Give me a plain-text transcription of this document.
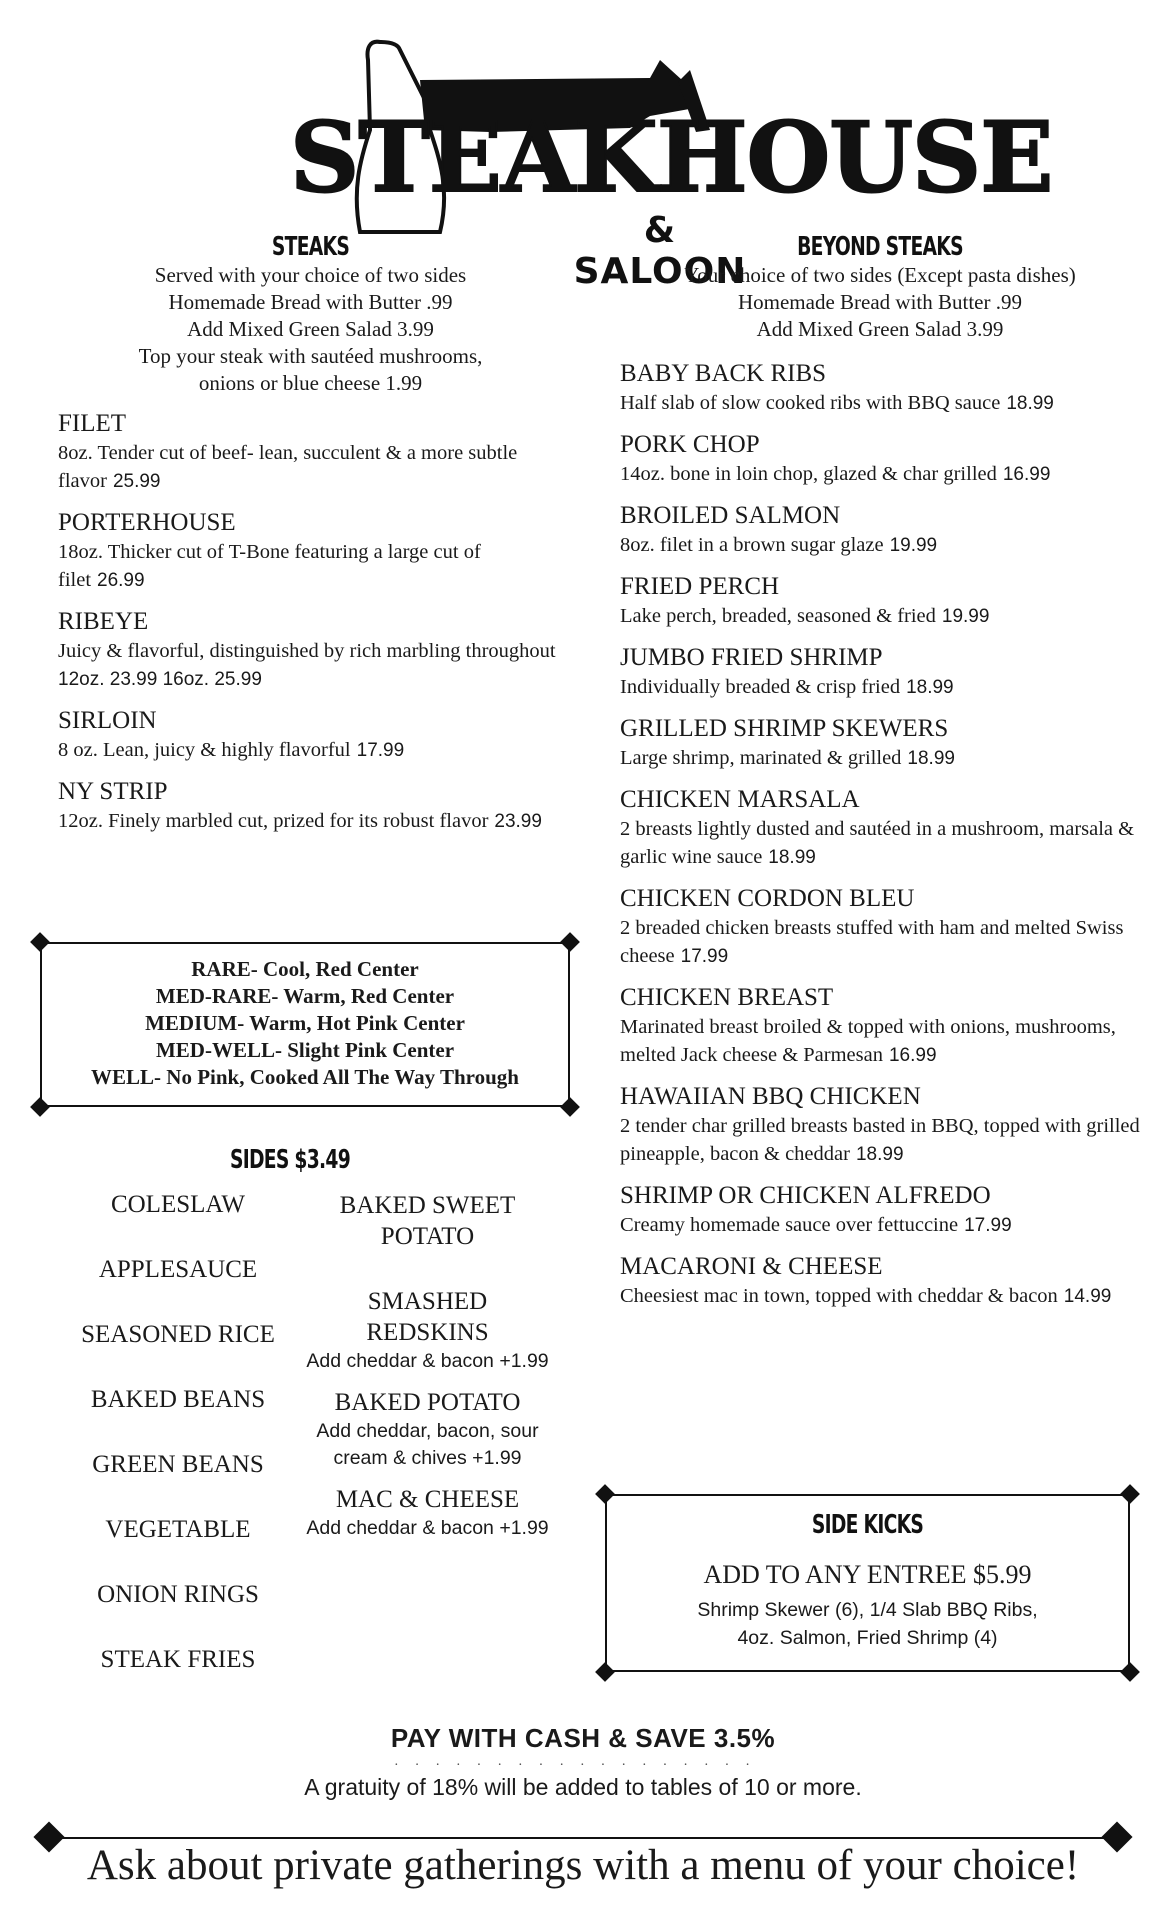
STEAKHOUSE
& SALOON
STEAKS
Served with your choice of two sides
Homemade Bread with Butter .99
Add Mixed Green Salad 3.99
Top your steak with sautéed mushrooms,
onions or blue cheese 1.99
FILET
8oz. Tender cut of beef- lean, succulent & a more subtle flavor 25.99
PORTERHOUSE
18oz. Thicker cut of T-Bone featuring a large cut of filet 26.99
RIBEYE
Juicy & flavorful, distinguished by rich marbling throughout
12oz. 23.99 16oz. 25.99
SIRLOIN
8 oz. Lean, juicy & highly flavorful 17.99
NY STRIP
12oz. Finely marbled cut, prized for its robust flavor 23.99
RARE- Cool, Red Center
MED-RARE- Warm, Red Center
MEDIUM- Warm, Hot Pink Center
MED-WELL- Slight Pink Center
WELL- No Pink, Cooked All The Way Through
SIDES $3.49
COLESLAW
APPLESAUCE
SEASONED RICE
BAKED BEANS
GREEN BEANS
VEGETABLE
ONION RINGS
STEAK FRIES
BAKED SWEET POTATO
SMASHED REDSKINS
Add cheddar & bacon +1.99
BAKED POTATO
Add cheddar, bacon, sour cream & chives +1.99
MAC & CHEESE
Add cheddar & bacon +1.99
BEYOND STEAKS
Your choice of two sides (Except pasta dishes)
Homemade Bread with Butter .99
Add Mixed Green Salad 3.99
BABY BACK RIBS
Half slab of slow cooked ribs with BBQ sauce 18.99
PORK CHOP
14oz. bone in loin chop, glazed & char grilled 16.99
BROILED SALMON
8oz. filet in a brown sugar glaze 19.99
FRIED PERCH
Lake perch, breaded, seasoned & fried 19.99
JUMBO FRIED SHRIMP
Individually breaded & crisp fried 18.99
GRILLED SHRIMP SKEWERS
Large shrimp, marinated & grilled 18.99
CHICKEN MARSALA
2 breasts lightly dusted and sautéed in a mushroom, marsala & garlic wine sauce 18.99
CHICKEN CORDON BLEU
2 breaded chicken breasts stuffed with ham and melted Swiss cheese 17.99
CHICKEN BREAST
Marinated breast broiled & topped with onions, mushrooms, melted Jack cheese & Parmesan 16.99
HAWAIIAN BBQ CHICKEN
2 tender char grilled breasts basted in BBQ, topped with grilled pineapple, bacon & cheddar 18.99
SHRIMP OR CHICKEN ALFREDO
Creamy homemade sauce over fettuccine 17.99
MACARONI & CHEESE
Cheesiest mac in town, topped with cheddar & bacon 14.99
SIDE KICKS
ADD TO ANY ENTREE $5.99
Shrimp Skewer (6), 1/4 Slab BBQ Ribs,
4oz. Salmon, Fried Shrimp (4)
PAY WITH CASH & SAVE 3.5%
··················
A gratuity of 18% will be added to tables of 10 or more.
Ask about private gatherings with a menu of your choice!
